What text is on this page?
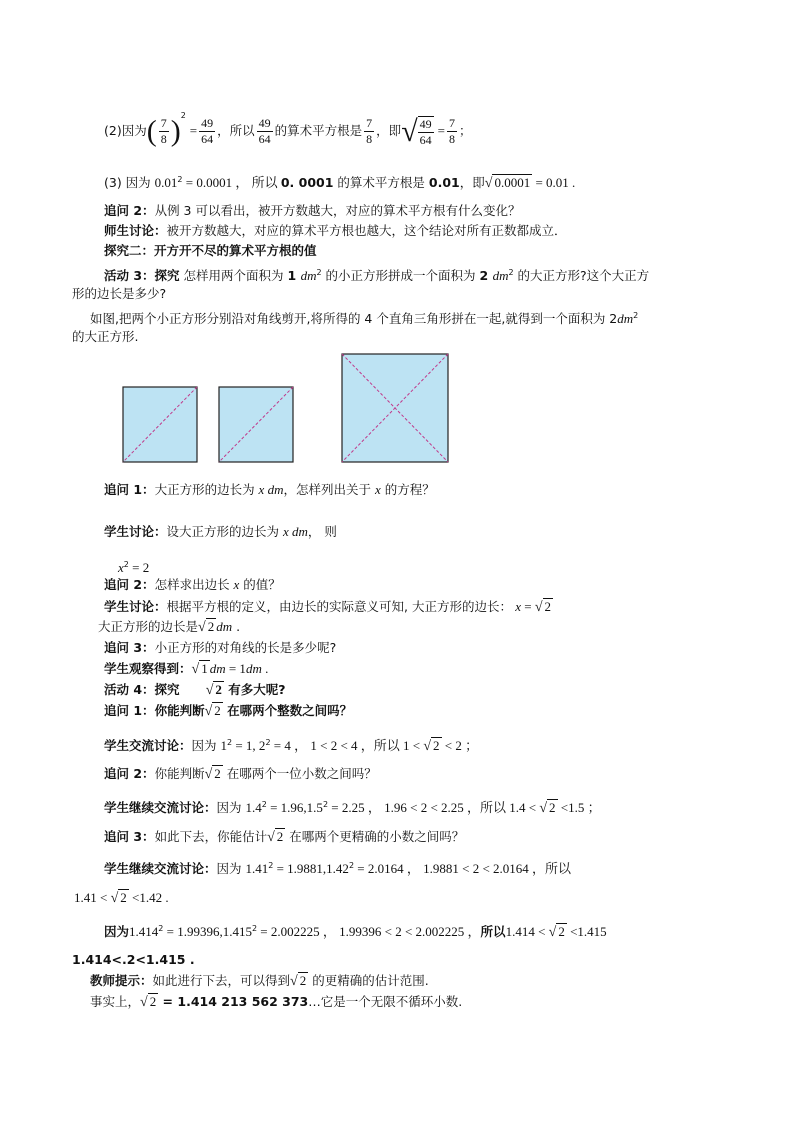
(2)因为( $\frac{7}{8} )^2 = \frac{49}{64}$ ，所以 $\frac{49}{64}$ 的算术平方根是 $\frac{7}{8}$ ，即√ $\frac{49}{64} = \frac{7}{8}$ ；
(3) 因为 $0.01^2 = 0.0001$ ， 所以 0. 0001 的算术平方根是 0.01，即√ 0.0001 = 0.01 .
追问 2：从例 3 可以看出，被开方数越大，对应的算术平方根有什么变化？
师生讨论：被开方数越大，对应的算术平方根也越大，这个结论对所有正数都成立．
探究二：开方开不尽的算术平方根的值
活动 3：探究 怎样用两个面积为 1 $dm^2$ 的小正方形拼成一个面积为 2 $dm^2$ 的大正方形?这个大正方
形的边长是多少?
如图,把两个小正方形分别沿对角线剪开,将所得的 4 个直角三角形拼在一起,就得到一个面积为 $2dm^2$
的大正方形.
追问 1：大正方形的边长为 x dm，怎样列出关于 x 的方程？
学生讨论：设大正方形的边长为 x dm， 则
$x^2 = 2$
追问 2：怎样求出边长 x 的值？
学生讨论：根据平方根的定义，由边长的实际意义可知, 大正方形的边长： x = √ 2
大正方形的边长是√ 2 dm .
追问 3：小正方形的对角线的长是多少呢?
学生观察得到：√ 1 dm = 1dm .
活动 4：探究 √ 2 有多大呢?
追问 1：你能判断√ 2 在哪两个整数之间吗？
学生交流讨论：因为 $1^2 = 1$, $2^2 = 4$ ， 1 < 2 < 4 ，所以 1 < √ 2 < 2 ；
追问 2：你能判断√ 2 在哪两个一位小数之间吗？
学生继续交流讨论：因为 $1.4^2 = 1.96,1.5^2 = 2.25$ ， 1.96 < 2 < 2.25 ，所以 1.4 < √ 2 <1.5 ；
追问 3：如此下去，你能估计√ 2 在哪两个更精确的小数之间吗？
学生继续交流讨论：因为 $1.41^2 = 1.9881,1.42^2 = 2.0164$ ， 1.9881 < 2 < 2.0164 ，所以
1.41 < √ 2 <1.42 .
因为$1.414^2 = 1.99396,1.415^2 = 2.002225$ ， 1.99396 < 2 < 2.002225 ，所以1.414 < √ 2 <1.415
1.414<.2<1.415 .
教师提示：如此进行下去，可以得到√ 2 的更精确的估计范围.
事实上，√ 2 = 1.414 213 562 373…它是一个无限不循环小数.
